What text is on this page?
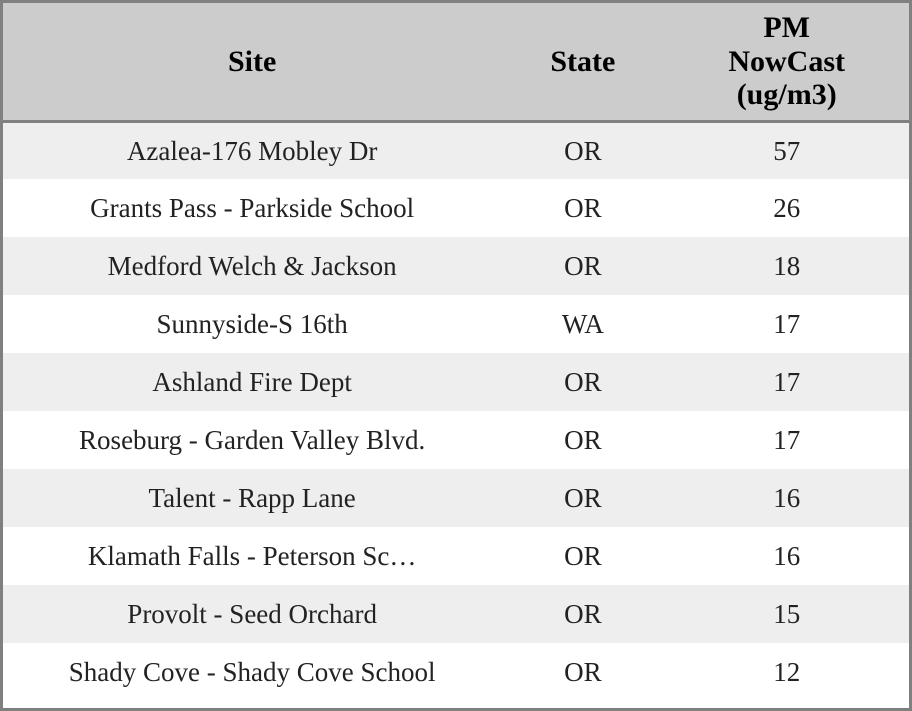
Site	State	PM
NowCast
(ug/m3)
Azalea-176 Mobley Dr	OR	57
Grants Pass - Parkside School	OR	26
Medford Welch & Jackson	OR	18
Sunnyside-S 16th	WA	17
Ashland Fire Dept	OR	17
Roseburg - Garden Valley Blvd.	OR	17
Talent - Rapp Lane	OR	16
Klamath Falls - Peterson Sc…	OR	16
Provolt - Seed Orchard	OR	15
Shady Cove - Shady Cove School	OR	12
